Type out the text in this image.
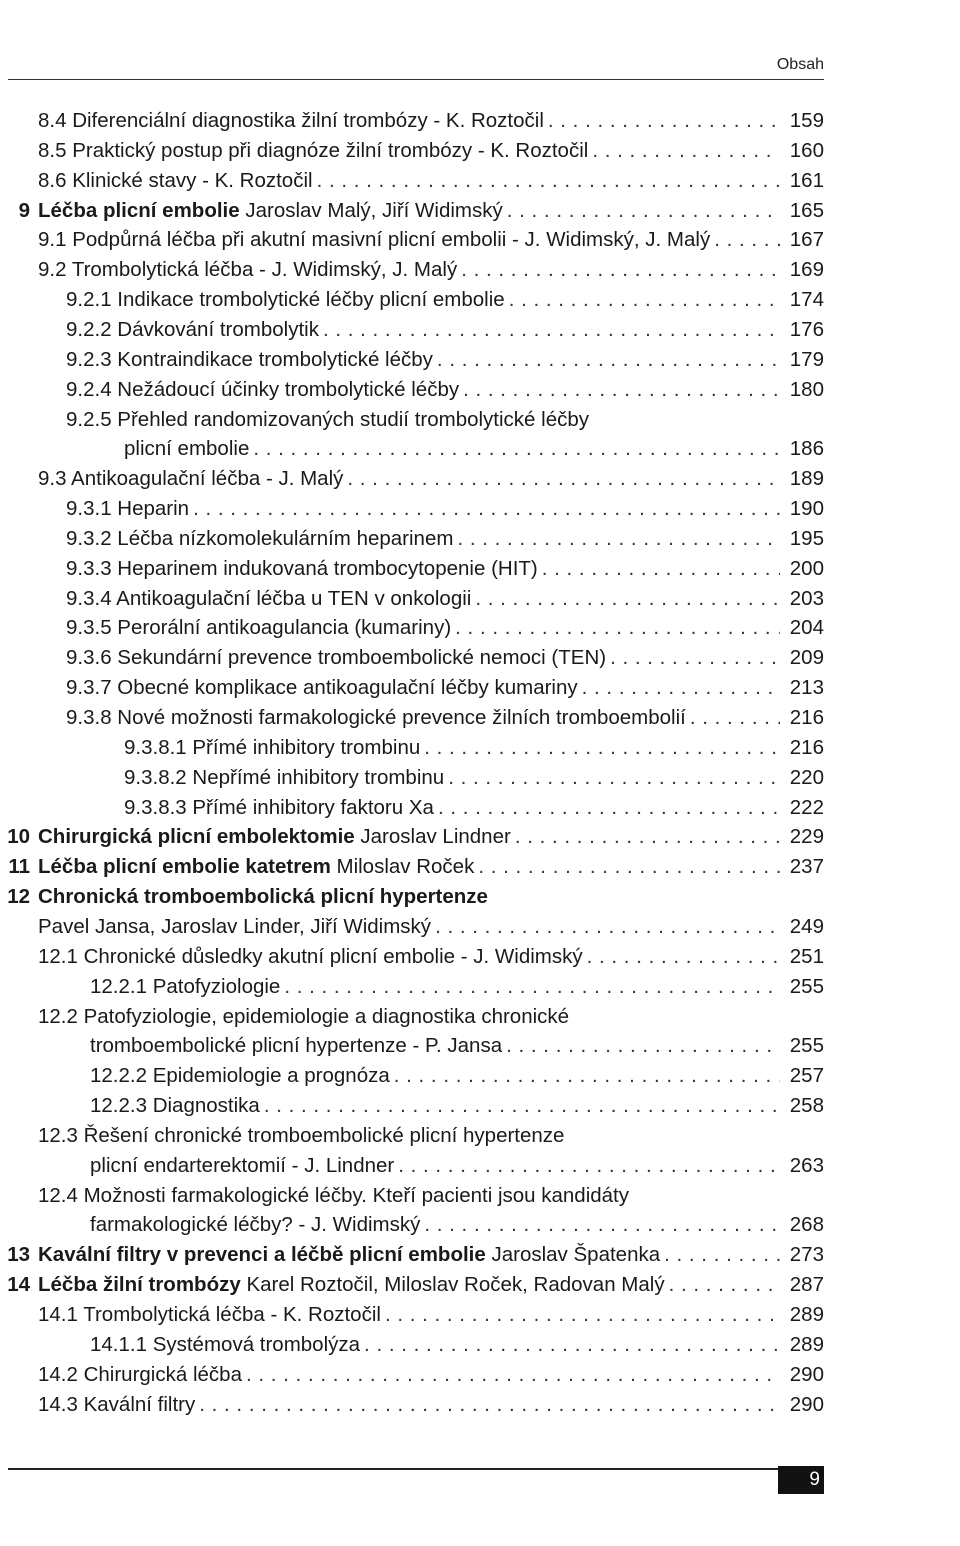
Obsah
8.4 Diferenciální diagnostika žilní trombózy - K. Roztočil . . .	159
8.5 Praktický postup při diagnóze žilní trombózy - K. Roztočil . . .	160
8.6 Klinické stavy - K. Roztočil . . .	161
9 Léčba plicní embolie Jaroslav Malý, Jiří Widimský . . .	165
9.1 Podpůrná léčba při akutní masivní plicní embolii - J. Widimský, J. Malý . . .	167
9.2 Trombolytická léčba - J. Widimský, J. Malý . . .	169
9.2.1 Indikace trombolytické léčby plicní embolie . . .	174
9.2.2 Dávkování trombolytik . . .	176
9.2.3 Kontraindikace trombolytické léčby . . .	179
9.2.4 Nežádoucí účinky trombolytické léčby . . .	180
9.2.5 Přehled randomizovaných studií trombolytické léčby
plicní embolie . . .	186
9.3 Antikoagulační léčba - J. Malý . . .	189
9.3.1 Heparin . . .	190
9.3.2 Léčba nízkomolekulárním heparinem . . .	195
9.3.3 Heparinem indukovaná trombocytopenie (HIT) . . .	200
9.3.4 Antikoagulační léčba u TEN v onkologii . . .	203
9.3.5 Perorální antikoagulancia (kumariny) . . .	204
9.3.6 Sekundární prevence tromboembolické nemoci (TEN) . . .	209
9.3.7 Obecné komplikace antikoagulační léčby kumariny . . .	213
9.3.8 Nové možnosti farmakologické prevence žilních tromboembolií . . .	216
9.3.8.1 Přímé inhibitory trombinu . . .	216
9.3.8.2 Nepřímé inhibitory trombinu . . .	220
9.3.8.3 Přímé inhibitory faktoru Xa . . .	222
10 Chirurgická plicní embolektomie Jaroslav Lindner . . .	229
11 Léčba plicní embolie katetrem Miloslav Roček . . .	237
12 Chronická tromboembolická plicní hypertenze
Pavel Jansa, Jaroslav Linder, Jiří Widimský . . .	249
12.1 Chronické důsledky akutní plicní embolie - J. Widimský . . .	251
12.2.1 Patofyziologie . . .	255
12.2 Patofyziologie, epidemiologie a diagnostika chronické
tromboembolické plicní hypertenze - P. Jansa . . .	255
12.2.2 Epidemiologie a prognóza . . .	257
12.2.3 Diagnostika . . .	258
12.3 Řešení chronické tromboembolické plicní hypertenze
plicní endarterektomií - J. Lindner . . .	263
12.4 Možnosti farmakologické léčby. Kteří pacienti jsou kandidáty
farmakologické léčby? - J. Widimský . . .	268
13 Kavální filtry v prevenci a léčbě plicní embolie Jaroslav Špatenka . . .	273
14 Léčba žilní trombózy Karel Roztočil, Miloslav Roček, Radovan Malý . . .	287
14.1 Trombolytická léčba - K. Roztočil . . .	289
14.1.1 Systémová trombolýza . . .	289
14.2 Chirurgická léčba . . .	290
14.3 Kavální filtry . . .	290
9
